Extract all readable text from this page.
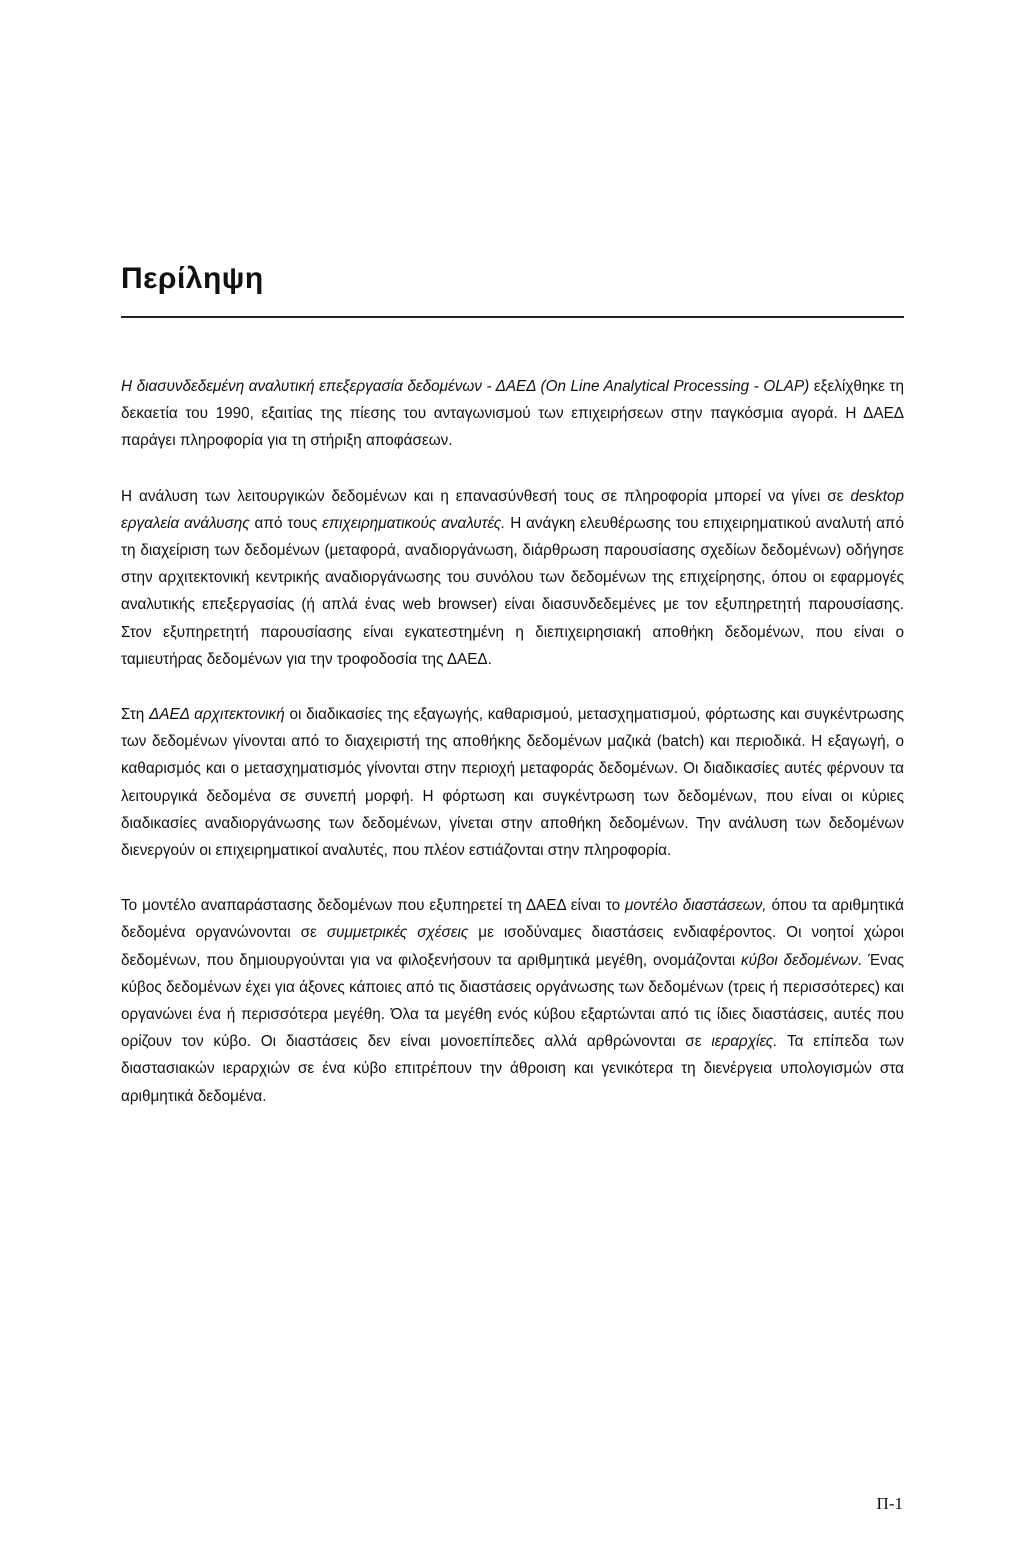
Περίληψη

Η διασυνδεδεμένη αναλυτική επεξεργασία δεδομένων - ΔΑΕΔ (On Line Analytical Processing - OLAP) εξελίχθηκε τη δεκαετία του 1990, εξαιτίας της πίεσης του ανταγωνισμού των επιχειρήσεων στην παγκόσμια αγορά. Η ΔΑΕΔ παράγει πληροφορία για τη στήριξη αποφάσεων.

Η ανάλυση των λειτουργικών δεδομένων και η επανασύνθεσή τους σε πληροφορία μπορεί να γίνει σε desktop εργαλεία ανάλυσης από τους επιχειρηματικούς αναλυτές. Η ανάγκη ελευθέρωσης του επιχειρηματικού αναλυτή από τη διαχείριση των δεδομένων (μεταφορά, αναδιοργάνωση, διάρθρωση παρουσίασης σχεδίων δεδομένων) οδήγησε στην αρχιτεκτονική κεντρικής αναδιοργάνωσης του συνόλου των δεδομένων της επιχείρησης, όπου οι εφαρμογές αναλυτικής επεξεργασίας (ή απλά ένας web browser) είναι διασυνδεδεμένες με τον εξυπηρετητή παρουσίασης. Στον εξυπηρετητή παρουσίασης είναι εγκατεστημένη η διεπιχειρησιακή αποθήκη δεδομένων, που είναι ο ταμιευτήρας δεδομένων για την τροφοδοσία της ΔΑΕΔ.

Στη ΔΑΕΔ αρχιτεκτονική οι διαδικασίες της εξαγωγής, καθαρισμού, μετασχηματισμού, φόρτωσης και συγκέντρωσης των δεδομένων γίνονται από το διαχειριστή της αποθήκης δεδομένων μαζικά (batch) και περιοδικά. Η εξαγωγή, ο καθαρισμός και ο μετασχηματισμός γίνονται στην περιοχή μεταφοράς δεδομένων. Οι διαδικασίες αυτές φέρνουν τα λειτουργικά δεδομένα σε συνεπή μορφή. Η φόρτωση και συγκέντρωση των δεδομένων, που είναι οι κύριες διαδικασίες αναδιοργάνωσης των δεδομένων, γίνεται στην αποθήκη δεδομένων. Την ανάλυση των δεδομένων διενεργούν οι επιχειρηματικοί αναλυτές, που πλέον εστιάζονται στην πληροφορία.

Το μοντέλο αναπαράστασης δεδομένων που εξυπηρετεί τη ΔΑΕΔ είναι το μοντέλο διαστάσεων, όπου τα αριθμητικά δεδομένα οργανώνονται σε συμμετρικές σχέσεις με ισοδύναμες διαστάσεις ενδιαφέροντος. Οι νοητοί χώροι δεδομένων, που δημιουργούνται για να φιλοξενήσουν τα αριθμητικά μεγέθη, ονομάζονται κύβοι δεδομένων. Ένας κύβος δεδομένων έχει για άξονες κάποιες από τις διαστάσεις οργάνωσης των δεδομένων (τρεις ή περισσότερες) και οργανώνει ένα ή περισσότερα μεγέθη. Όλα τα μεγέθη ενός κύβου εξαρτώνται από τις ίδιες διαστάσεις, αυτές που ορίζουν τον κύβο. Οι διαστάσεις δεν είναι μονοεπίπεδες αλλά αρθρώνονται σε ιεραρχίες. Τα επίπεδα των διαστασιακών ιεραρχιών σε ένα κύβο επιτρέπουν την άθροιση και γενικότερα τη διενέργεια υπολογισμών στα αριθμητικά δεδομένα.

Π-1
